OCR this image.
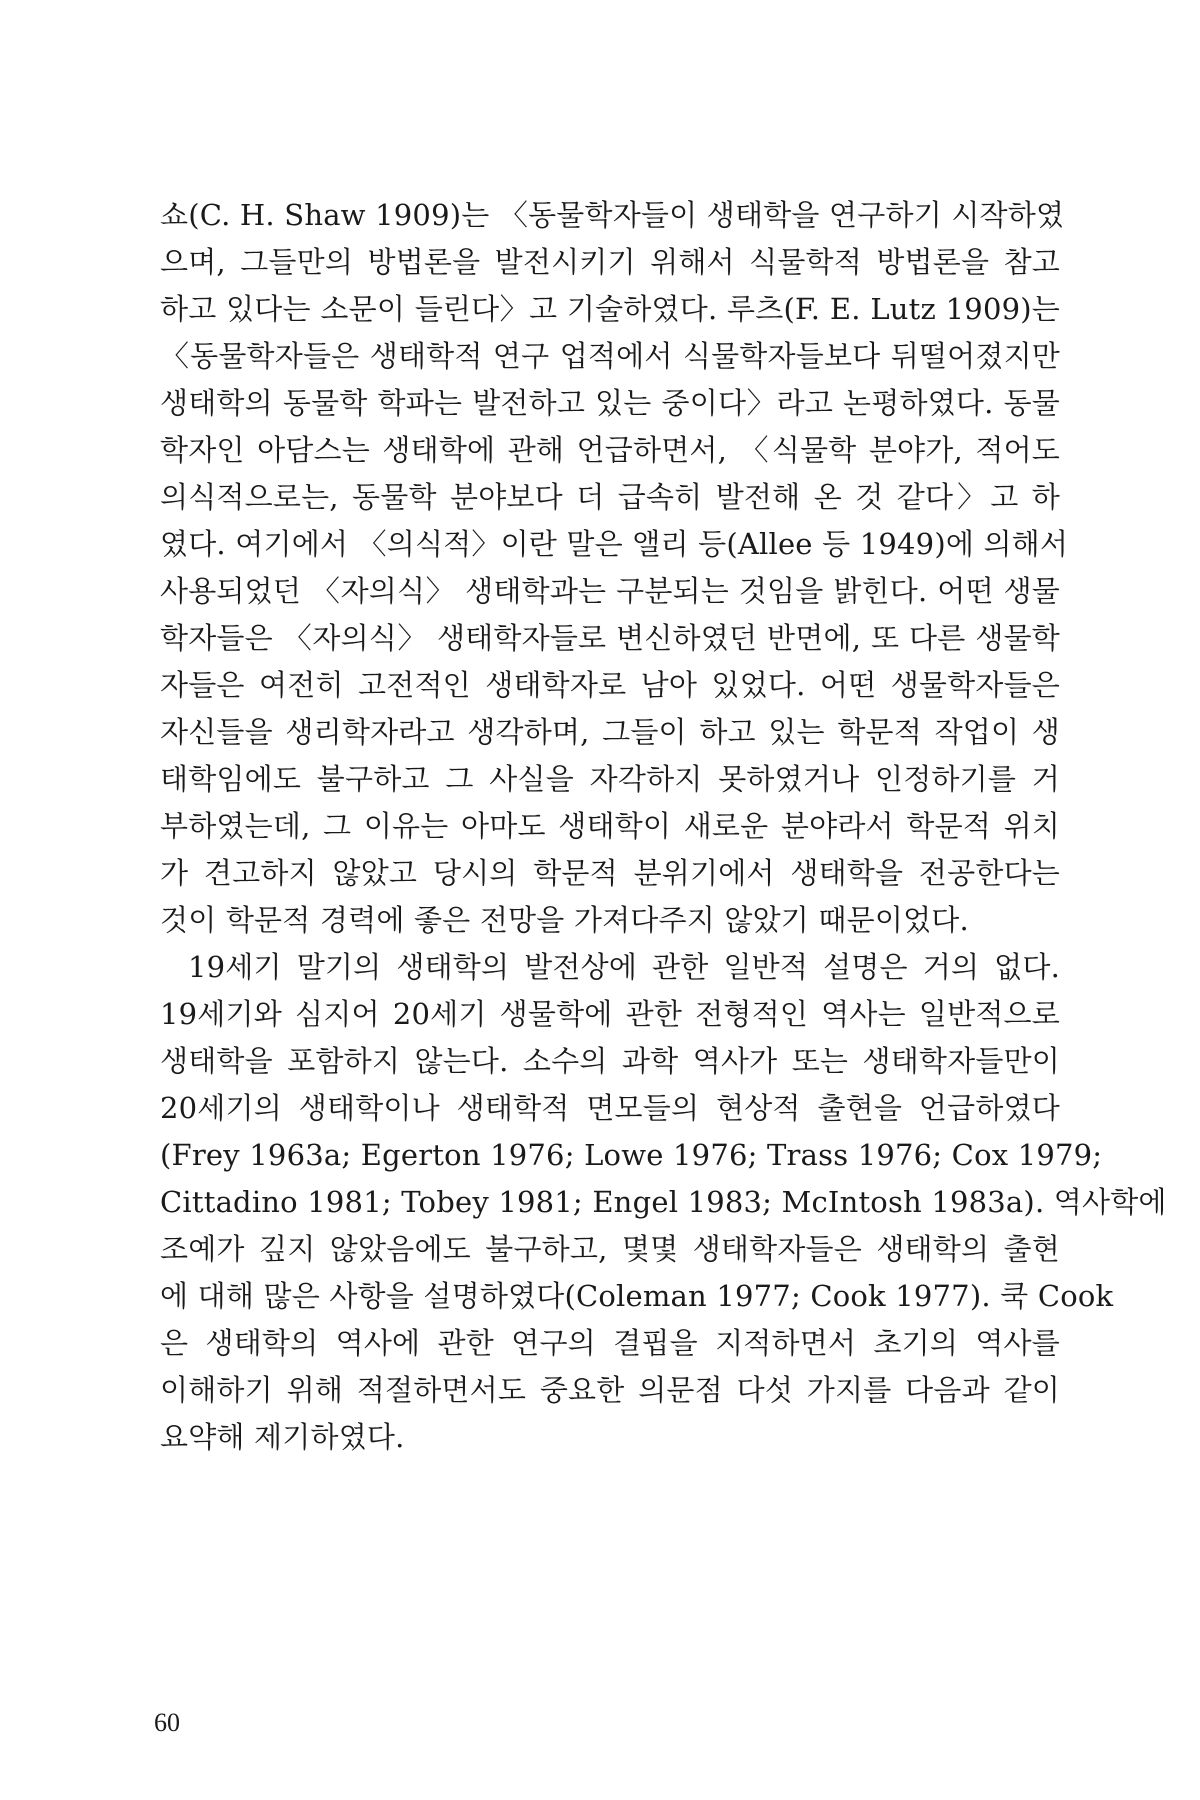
쇼(C. H. Shaw 1909)는 〈동물학자들이 생태학을 연구하기 시작하였
으며, 그들만의 방법론을 발전시키기 위해서 식물학적 방법론을 참고
하고 있다는 소문이 들린다〉고 기술하였다. 루츠(F. E. Lutz 1909)는
〈동물학자들은 생태학적 연구 업적에서 식물학자들보다 뒤떨어졌지만
생태학의 동물학 학파는 발전하고 있는 중이다〉라고 논평하였다. 동물
학자인 아담스는 생태학에 관해 언급하면서, 〈식물학 분야가, 적어도
의식적으로는, 동물학 분야보다 더 급속히 발전해 온 것 같다〉고 하
였다. 여기에서 〈의식적〉이란 말은 앨리 등(Allee 등 1949)에 의해서
사용되었던 〈자의식〉 생태학과는 구분되는 것임을 밝힌다. 어떤 생물
학자들은 〈자의식〉 생태학자들로 변신하였던 반면에, 또 다른 생물학
자들은 여전히 고전적인 생태학자로 남아 있었다. 어떤 생물학자들은
자신들을 생리학자라고 생각하며, 그들이 하고 있는 학문적 작업이 생
태학임에도 불구하고 그 사실을 자각하지 못하였거나 인정하기를 거
부하였는데, 그 이유는 아마도 생태학이 새로운 분야라서 학문적 위치
가 견고하지 않았고 당시의 학문적 분위기에서 생태학을 전공한다는
것이 학문적 경력에 좋은 전망을 가져다주지 않았기 때문이었다.
19세기 말기의 생태학의 발전상에 관한 일반적 설명은 거의 없다.
19세기와 심지어 20세기 생물학에 관한 전형적인 역사는 일반적으로
생태학을 포함하지 않는다. 소수의 과학 역사가 또는 생태학자들만이
20세기의 생태학이나 생태학적 면모들의 현상적 출현을 언급하였다
(Frey 1963a; Egerton 1976; Lowe 1976; Trass 1976; Cox 1979;
Cittadino 1981; Tobey 1981; Engel 1983; McIntosh 1983a). 역사학에
조예가 깊지 않았음에도 불구하고, 몇몇 생태학자들은 생태학의 출현
에 대해 많은 사항을 설명하였다(Coleman 1977; Cook 1977). 쿡 Cook
은 생태학의 역사에 관한 연구의 결핍을 지적하면서 초기의 역사를
이해하기 위해 적절하면서도 중요한 의문점 다섯 가지를 다음과 같이
요약해 제기하였다.
60
